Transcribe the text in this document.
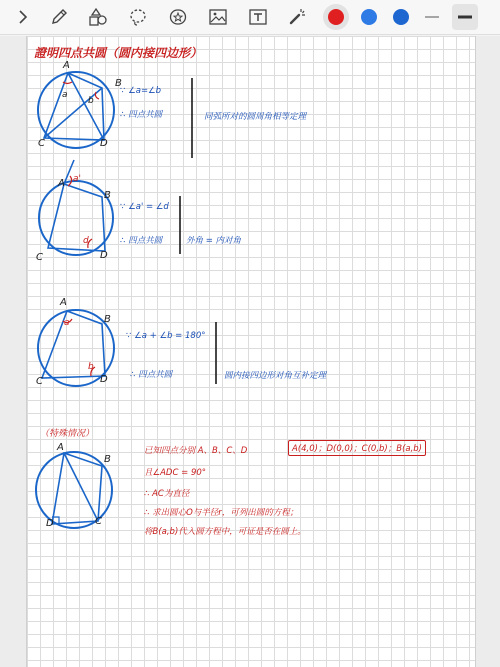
證明四点共圆（圆内接四边形）
A
B
C	D
a
b
∵ ∠a=∠b
∴ 四点共圆	同弧所对的圆周角相等定理
A a'
B
C	D
d
∵ ∠a' = ∠d
∴ 四点共圆	外角 = 内对角
A
a	B
C	D
b
∵ ∠a + ∠b = 180°
∴ 四点共圆	圆内接四边形对角互补定理
（特殊情况）
A
B
D	C
已知四点分别 A、B、C、D	A(4,0)；D(0,0)；C(0,b)；B(a,b)
且∠ADC = 90°
∴ AC为直径
∴ 求出圆心O与半径r，可列出圆的方程；
将B(a,b)代入圆方程中，可证是否在圆上。
